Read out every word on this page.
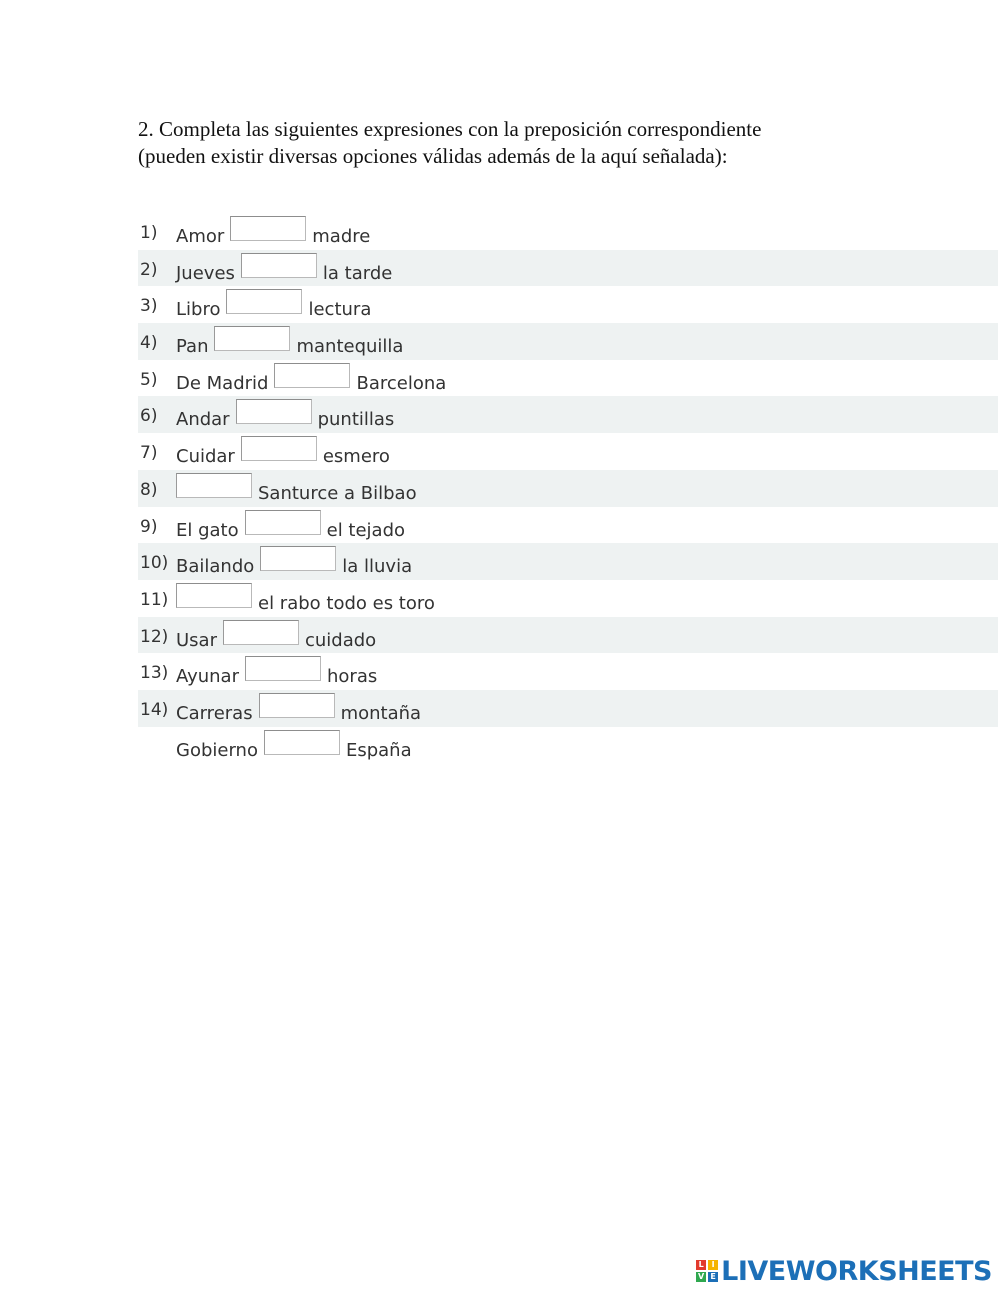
2. Completa las siguientes expresiones con la preposición correspondiente
(pueden existir diversas opciones válidas además de la aquí señalada):
1) Amor	madre
2) Jueves	la tarde
3) Libro	lectura
4) Pan	mantequilla
5) De Madrid	Barcelona
6) Andar	puntillas
7) Cuidar	esmero
8)	Santurce a Bilbao
9) El gato	el tejado
10) Bailando	la lluvia
11)	el rabo todo es toro
12) Usar	cuidado
13) Ayunar	horas
14) Carreras	montaña
Gobierno	España
L I
V E LIVEWORKSHEETS
